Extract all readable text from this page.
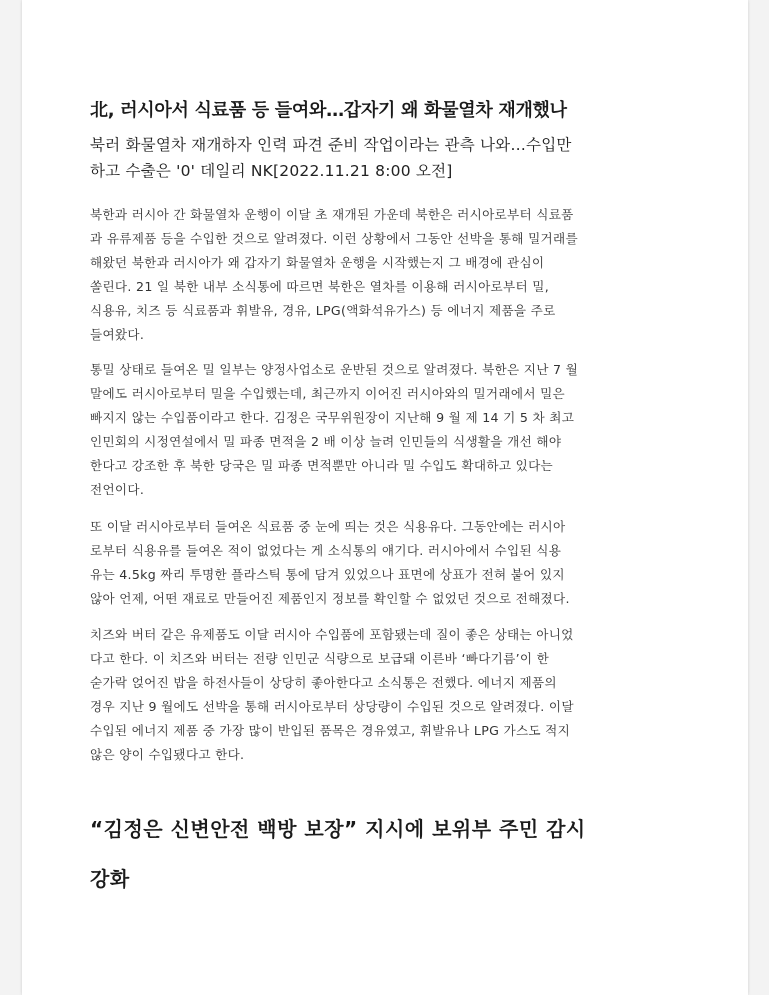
北, 러시아서 식료품 등 들여와…갑자기 왜 화물열차 재개했나
북러 화물열차 재개하자 인력 파견 준비 작업이라는 관측 나와…수입만
하고 수출은 '0' 데일리 NK[2022.11.21 8:00 오전]
북한과 러시아 간 화물열차 운행이 이달 초 재개된 가운데 북한은 러시아로부터 식료품
과 유류제품 등을 수입한 것으로 알려졌다. 이런 상황에서 그동안 선박을 통해 밀거래를
해왔던 북한과 러시아가 왜 갑자기 화물열차 운행을 시작했는지 그 배경에 관심이
쏠린다. 21 일 북한 내부 소식통에 따르면 북한은 열차를 이용해 러시아로부터 밀,
식용유, 치즈 등 식료품과 휘발유, 경유, LPG(액화석유가스) 등 에너지 제품을 주로
들여왔다.
통밀 상태로 들여온 밀 일부는 양정사업소로 운반된 것으로 알려졌다. 북한은 지난 7 월
말에도 러시아로부터 밀을 수입했는데, 최근까지 이어진 러시아와의 밀거래에서 밀은
빠지지 않는 수입품이라고 한다. 김정은 국무위원장이 지난해 9 월 제 14 기 5 차 최고
인민회의 시정연설에서 밀 파종 면적을 2 배 이상 늘려 인민들의 식생활을 개선 해야
한다고 강조한 후 북한 당국은 밀 파종 면적뿐만 아니라 밀 수입도 확대하고 있다는
전언이다.
또 이달 러시아로부터 들여온 식료품 중 눈에 띄는 것은 식용유다. 그동안에는 러시아
로부터 식용유를 들여온 적이 없었다는 게 소식통의 얘기다. 러시아에서 수입된 식용
유는 4.5kg 짜리 투명한 플라스틱 통에 담겨 있었으나 표면에 상표가 전혀 붙어 있지
않아 언제, 어떤 재료로 만들어진 제품인지 정보를 확인할 수 없었던 것으로 전해졌다.
치즈와 버터 같은 유제품도 이달 러시아 수입품에 포함됐는데 질이 좋은 상태는 아니었
다고 한다. 이 치즈와 버터는 전량 인민군 식량으로 보급돼 이른바 ‘빠다기름’이 한
숟가락 얹어진 밥을 하전사들이 상당히 좋아한다고 소식통은 전했다. 에너지 제품의
경우 지난 9 월에도 선박을 통해 러시아로부터 상당량이 수입된 것으로 알려졌다. 이달
수입된 에너지 제품 중 가장 많이 반입된 품목은 경유였고, 휘발유나 LPG 가스도 적지
않은 양이 수입됐다고 한다.
“김정은 신변안전 백방 보장” 지시에 보위부 주민 감시
강화
